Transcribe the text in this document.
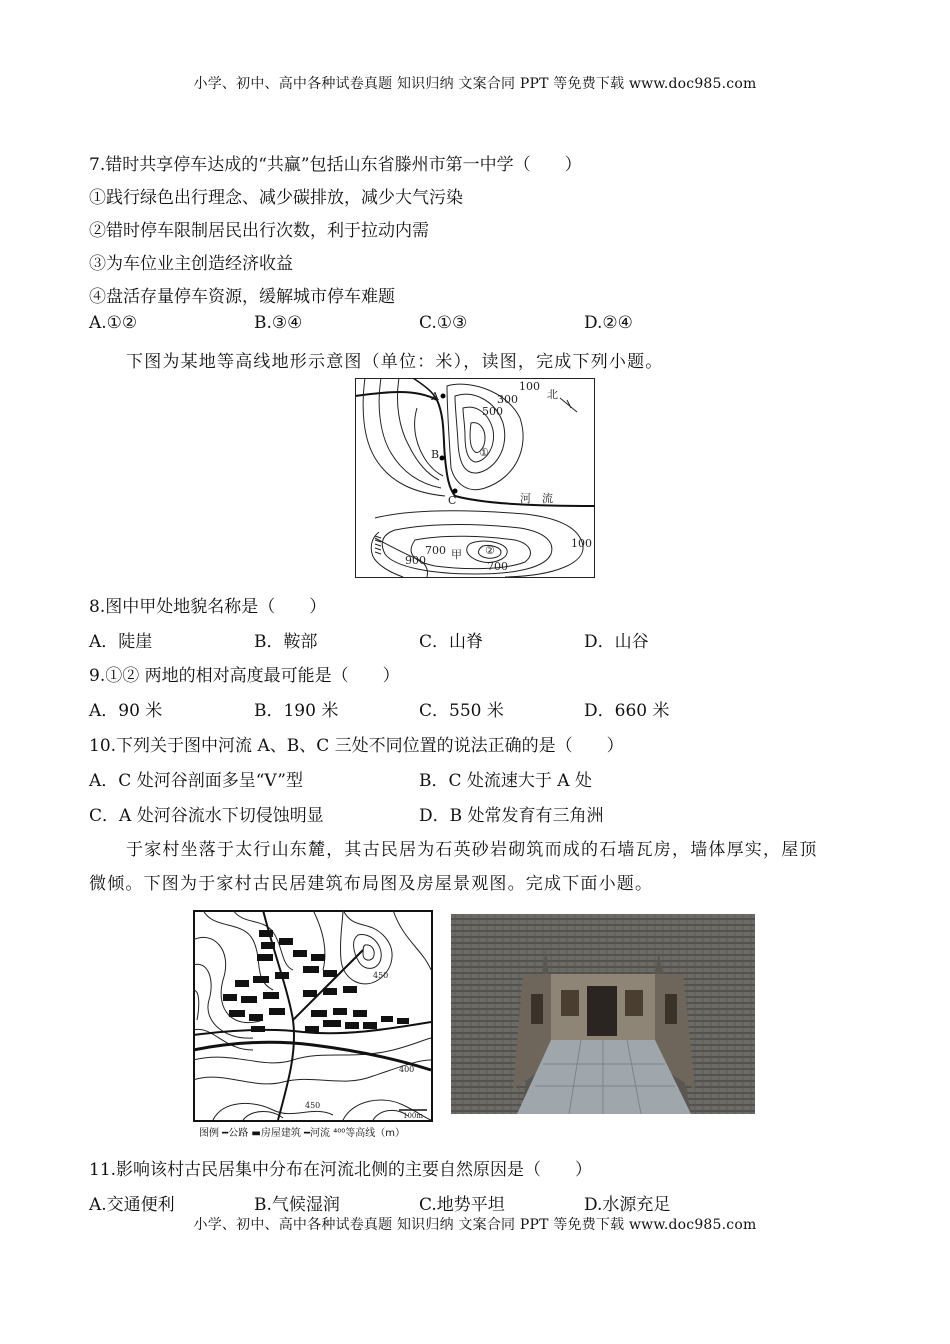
小学、初中、高中各种试卷真题 知识归纳 文案合同 PPT 等免费下载 www.doc985.com
7.错时共享停车达成的“共赢”包括山东省滕州市第一中学（　　）
①践行绿色出行理念、减少碳排放，减少大气污染
②错时停车限制居民出行次数，利于拉动内需
③为车位业主创造经济收益
④盘活存量停车资源，缓解城市停车难题
A.①②	B.③④	C.①③	D.②④
下图为某地等高线地形示意图（单位：米），读图，完成下列小题。
A
B
C
北
河　流
甲
①
②
100
300
500
700
900	700
100
8.图中甲处地貌名称是（　　）
A．陡崖	B．鞍部	C．山脊	D．山谷
9.①② 两地的相对高度最可能是（　　）
A．90 米	B．190 米	C．550 米	D．660 米
10.下列关于图中河流 A、B、C 三处不同位置的说法正确的是（　　）
A．C 处河谷剖面多呈“V”型	B．C 处流速大于 A 处
C．A 处河谷流水下切侵蚀明显	D．B 处常发育有三角洲
于家村坐落于太行山东麓，其古民居为石英砂岩砌筑而成的石墙瓦房，墙体厚实，屋顶
微倾。下图为于家村古民居建筑布局图及房屋景观图。完成下面小题。
450
400
450
100m
图例 ━公路 ▬房屋建筑 ━河流 ⁴⁰⁰等高线（m）
11.影响该村古民居集中分布在河流北侧的主要自然原因是（　　）
A.交通便利	B.气候湿润	C.地势平坦	D.水源充足
小学、初中、高中各种试卷真题 知识归纳 文案合同 PPT 等免费下载 www.doc985.com
